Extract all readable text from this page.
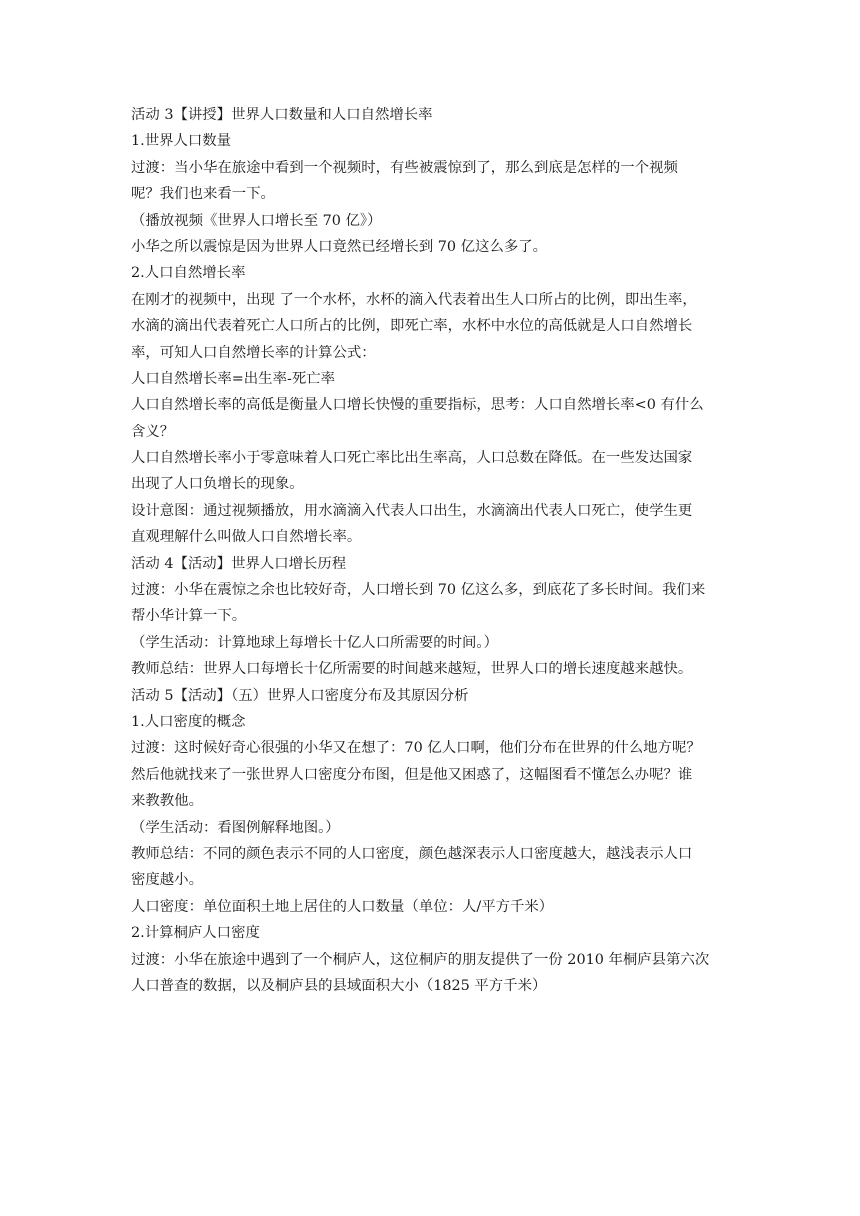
活动 3【讲授】世界人口数量和人口自然增长率
1.世界人口数量
过渡：当小华在旅途中看到一个视频时，有些被震惊到了，那么到底是怎样的一个视频
呢？我们也来看一下。
（播放视频《世界人口增长至 70 亿》）
小华之所以震惊是因为世界人口竟然已经增长到 70 亿这么多了。
2.人口自然增长率
在刚才的视频中，出现 了一个水杯，水杯的滴入代表着出生人口所占的比例，即出生率，
水滴的滴出代表着死亡人口所占的比例，即死亡率，水杯中水位的高低就是人口自然增长
率，可知人口自然增长率的计算公式：
人口自然增长率=出生率-死亡率
人口自然增长率的高低是衡量人口增长快慢的重要指标，思考：人口自然增长率<0 有什么
含义？
人口自然增长率小于零意味着人口死亡率比出生率高，人口总数在降低。在一些发达国家
出现了人口负增长的现象。
设计意图：通过视频播放，用水滴滴入代表人口出生，水滴滴出代表人口死亡，使学生更
直观理解什么叫做人口自然增长率。
活动 4【活动】世界人口增长历程
过渡：小华在震惊之余也比较好奇，人口增长到 70 亿这么多，到底花了多长时间。我们来
帮小华计算一下。
（学生活动：计算地球上每增长十亿人口所需要的时间。）
教师总结：世界人口每增长十亿所需要的时间越来越短，世界人口的增长速度越来越快。
活动 5【活动】（五）世界人口密度分布及其原因分析
1.人口密度的概念
过渡：这时候好奇心很强的小华又在想了：70 亿人口啊，他们分布在世界的什么地方呢？
然后他就找来了一张世界人口密度分布图，但是他又困惑了，这幅图看不懂怎么办呢？谁
来教教他。
（学生活动：看图例解释地图。）
教师总结：不同的颜色表示不同的人口密度，颜色越深表示人口密度越大，越浅表示人口
密度越小。
人口密度：单位面积土地上居住的人口数量（单位：人/平方千米）
2.计算桐庐人口密度
过渡：小华在旅途中遇到了一个桐庐人，这位桐庐的朋友提供了一份 2010 年桐庐县第六次
人口普查的数据，以及桐庐县的县域面积大小（1825 平方千米）
